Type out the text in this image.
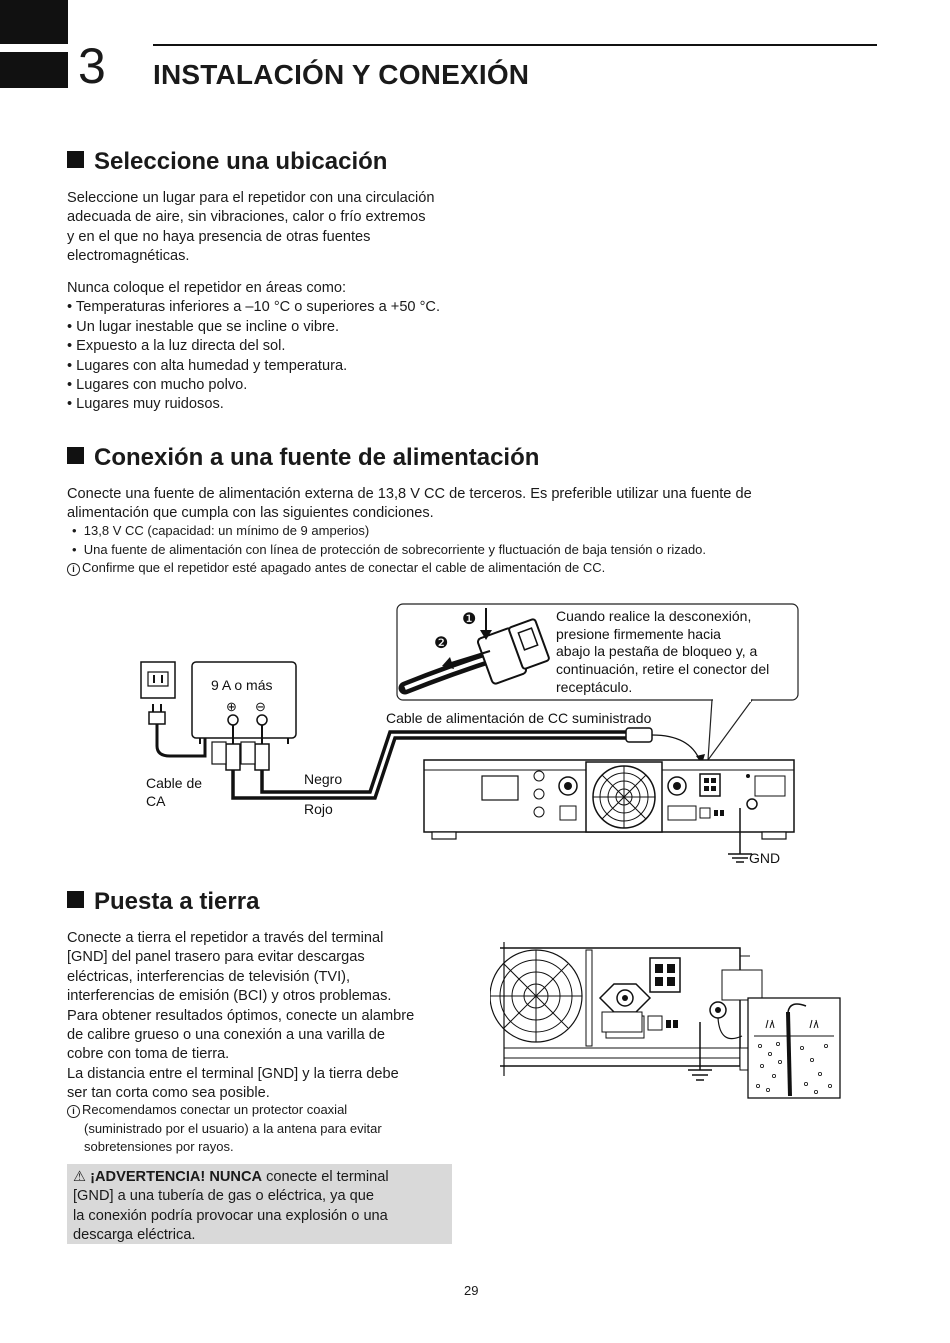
3 INSTALACIÓN Y CONEXIÓN
Seleccione una ubicación
Seleccione un lugar para el repetidor con una circulación
adecuada de aire, sin vibraciones, calor o frío extremos
y en el que no haya presencia de otras fuentes
electromagnéticas.
Nunca coloque el repetidor en áreas como:
• Temperaturas inferiores a –10 °C o superiores a +50 °C.
• Un lugar inestable que se incline o vibre.
• Expuesto a la luz directa del sol.
• Lugares con alta humedad y temperatura.
• Lugares con mucho polvo.
• Lugares muy ruidosos.
Conexión a una fuente de alimentación
Conecte una fuente de alimentación externa de 13,8 V CC de terceros. Es preferible utilizar una fuente de
alimentación que cumpla con las siguientes condiciones.
•  13,8 V CC (capacidad: un mínimo de 9 amperios)
•  Una fuente de alimentación con línea de protección de sobrecorriente y fluctuación de baja tensión o rizado.
i Confirme que el repetidor esté apagado antes de conectar el cable de alimentación de CC.
❶
❷
Cuando realice la desconexión,
presione firmemente hacia
abajo la pestaña de bloqueo y, a
continuación, retire el conector del
receptáculo.
9 A o más
⊕ ⊖
Cable de alimentación de CC suministrado
Cable de
CA
Negro
Rojo
GND
Puesta a tierra
Conecte a tierra el repetidor a través del terminal
[GND] del panel trasero para evitar descargas
eléctricas, interferencias de televisión (TVI),
interferencias de emisión (BCI) y otros problemas.
Para obtener resultados óptimos, conecte un alambre
de calibre grueso o una conexión a una varilla de
cobre con toma de tierra.
La distancia entre el terminal [GND] y la tierra debe
ser tan corta como sea posible.
i Recomendamos conectar un protector coaxial
(suministrado por el usuario) a la antena para evitar
sobretensiones por rayos.
⚠ ¡ADVERTENCIA! NUNCA conecte el terminal
[GND] a una tubería de gas o eléctrica, ya que
la conexión podría provocar una explosión o una
descarga eléctrica.
29
